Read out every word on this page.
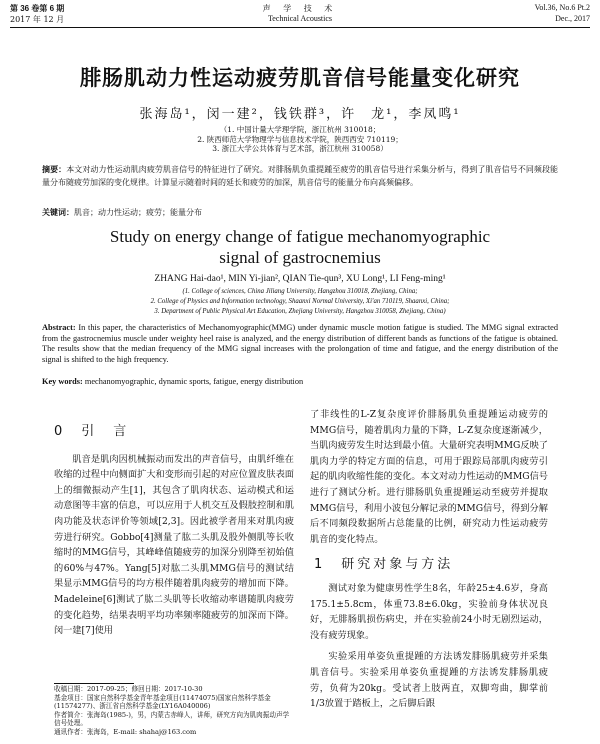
第 36 卷第 6 期
2017 年 12 月
声 学 技 术
Technical Acoustics
Vol.36, No.6 Pt.2
Dec., 2017
腓肠肌动力性运动疲劳肌音信号能量变化研究
张海岛¹，闵一建²，钱铁群³，许　龙¹，李凤鸣¹
（1. 中国计量大学理学院，浙江杭州 310018；
2. 陕西师范大学物理学与信息技术学院，陕西西安 710119；
3. 浙江大学公共体育与艺术部，浙江杭州 310058）
摘要：本文对动力性运动肌肉疲劳肌音信号的特征进行了研究。对腓肠肌负重提踵至疲劳的肌音信号进行采集分析与，得到了肌音信号不同频段能量分布随疲劳加深的变化规律。计算显示随着时间的延长和疲劳的加深，肌音信号的能量分布向高频偏移。
关键词：肌音；动力性运动；疲劳；能量分布
Study on energy change of fatigue mechanomyographic
signal of gastrocnemius
ZHANG Hai-dao¹, MIN Yi-jian², QIAN Tie-qun³, XU Long¹, LI Feng-ming¹
(1. College of sciences, China Jiliang University, Hangzhou 310018, Zhejiang, China;
2. College of Physics and Information technology, Shaanxi Normal University, Xi'an 710119, Shaanxi, China;
3. Department of Public Physical Art Education, Zhejiang University, Hangzhou 310058, Zhejiang, China)
Abstract: In this paper, the characteristics of Mechanomyographic(MMG) under dynamic muscle motion fatigue is studied. The MMG signal extracted from the gastrocnemius muscle under weighty heel raise is analyzed, and the energy distribution of different bands as functions of the fatigue is obtained. The results show that the median frequency of the MMG signal increases with the prolongation of time and fatigue, and the energy distribution of the signal is shifted to the high frequency.
Key words: mechanomyographic, dynamic sports, fatigue, energy distribution
0　引　言

肌音是肌肉因机械振动而发出的声音信号，由肌纤维在收缩的过程中向侧面扩大和变形而引起的对应位置皮肤表面上的细微振动产生[1]，其包含了肌肉状态、运动模式和运动意图等丰富的信息，可以应用于人机交互及假肢控制和肌肉功能及状态评价等领域[2,3]。因此被学者用来对肌肉疲劳进行研究。Gobbo[4]测量了肱二头肌及股外侧肌等长收缩时的MMG信号，其峰峰值随疲劳的加深分别降至初始值的60%与47%。Yang[5]对肱二头肌MMG信号的测试结果显示MMG信号的均方根伴随着肌肉疲劳的增加而下降。Madeleine[6]测试了肱二头肌等长收缩动率谱随肌肉疲劳的变化趋势，结果表明平均功率频率随疲劳的加深而下降。闵一建[7]使用

了非线性的L-Z复杂度评价腓肠肌负重提踵运动疲劳的MMG信号，随着肌肉力量的下降，L-Z复杂度逐渐减少，当肌肉疲劳发生时达到最小值。大量研究表明MMG反映了肌肉力学的特定方面的信息，可用于跟踪局部肌肉疲劳引起的肌肉收缩性能的变化。本文对动力性运动的MMG信号进行了测试分析。进行腓肠肌负重提踵运动至疲劳并提取MMG信号，利用小波包分解记录的MMG信号，得到分解后不同频段数据所占总能量的比例，研究动力性运动疲劳肌音的变化特点。

1　研究对象与方法

测试对象为健康男性学生8名，年龄25±4.6岁，身高175.1±5.8cm，体重73.8±6.0kg，实验前身体状况良好，无腓肠肌损伤病史，并在实验前24小时无剧烈运动，没有疲劳现象。

实验采用单姿负重提踵的方法诱发腓肠肌疲劳并采集肌音信号。实验采用单姿负重提踵的方法诱发腓肠肌疲劳，负荷为20kg。受试者上肢两直，双脚弯曲，脚掌前1/3放置于踏板上，之后脚后跟

收稿日期：2017-09-25；修回日期：2017-10-30
基金项目：国家自然科学基金青年基金项目(11474075)国家自然科学基金(11574277)、浙江省自然科学基金(LY16A040006)
作者简介：张海岛(1985-)，男，内蒙古赤峰人，讲师，研究方向为肌肉振动声学信号处理。
通讯作者：张海岛，E-mail: shahaj@163.com
